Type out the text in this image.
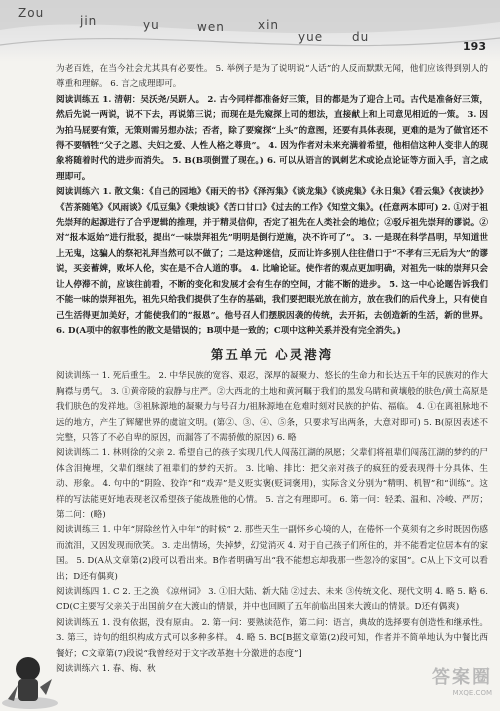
Zou
jin	yu	wen	xin
yue du
193

为老百姓，在当今社会尤其具有必要性。 5. 举例子是为了说明说“人话”的人反而默默无闻，他们应该得到别人的尊重和理解。 6. 言之成理即可。

阅读训练五 1. 清朝：吴沃尧/吴趼人。 2. 古今同样都准备好三策，目的都是为了迎合上司。古代是准备好三策，然后先说一两说，说不下去，再说第三说；而现在是先窥探上司的想法，直接献上和上司意见相近的一策。 3. 因为拍马屁要有策，无策则需另想办法；否者，除了要窥探“上头”的意图，还要有具体表现，更难的是为了做官还不得不要牺牲“父子之恩、夫妇之爱、人性人格之尊贵”。 4. 因为作者对未来充满着希望，他相信这种人变非人的现象将随着时代的进步而消失。 5. B(B项倒置了现在。) 6. 可以从语言的讽刺艺术或论点论证等方面入手，言之成理即可。

阅读训练六 1. 散文集：《自己的园地》《雨天的书》《泽泻集》《谈龙集》《谈虎集》《永日集》《看云集》《夜读抄》《苦茶随笔》《风雨谈》《瓜豆集》《秉烛谈》《苦口甘口》《过去的工作》《知堂文集》。(任意两本即可) 2. ①对于祖先崇拜的起源进行了合乎逻辑的推理，并于精灵信仰，否定了祖先在人类社会的地位；②驳斥祖先崇拜的谬说。②对“报本返始”进行批驳，提出“一味崇拜祖先”明明是倒行逆施，决不许可了”。 3. 一是现在科学昌明，早知道世上无鬼，这骗人的祭祀礼拜当然可以不做了；二是这种迷信，反而让许多别人往往借口于“不孝有三无后为大”的谬说，买妾蓄婢，败坏人伦，实在是不合人道的事。 4. 比喻论证。使作者的观点更加明确，对祖先一味的崇拜只会让人停滞不前，应该往前看，不断的变化和发展才会有生存的空间，才能不断的进步。 5. 这一中心论题告诉我们不能一味的崇拜祖先，祖先只给我们提供了生存的基础，我们要把眼光放在前方，放在我们的后代身上，只有使自己生活得更加美好，才能使我们的“报恩”。他号召人们摆脱因袭的传统，去开拓，去创造新的生活，新的世界。 6. D(A项中的叙事性的散文是错误的；B项中是一致的；C项中这种关系并没有完全消失。)

第五单元 心灵港湾

阅读训练一 1. 死后重生。 2. 中华民族的宽容、艰忍，深厚的凝聚力、悠长的生命力和长达五千年的民族对的作大胸襟与勇气。 3. ①黄帝陵的寂静与庄严。②大西北的土地和黄河瞩于我们的黑发乌睛和黄壤般的肤色/黄土高原是我们肤色的发祥地。③祖脉源地的凝聚力与号召力/祖脉源地在危难时刻对民族的护佑、福临。 4. ①在离祖脉地不远的地方，产生了辉耀世界的虞谊文明。(第②、③、④、⑤条，只要求写出两条，大意对即可) 5. B(原因表述不完整，只答了不必自卑的原因，而漏答了不需骄傲的原因) 6. 略

阅读训练二 1. 林则徐的父亲 2. 希望自己的孩子实现几代人闯荡江湖的夙愿；父辈们将祖辈们闯荡江湖的梦约的尸体含泪掩埋，父辈们继续了祖辈们的梦约天折。 3. 比喻、排比：把父亲对孩子的疯狂的爱表现得十分具体、生动、形象。 4. 句中的“阴险、狡诈”和“戏弄”是义贬实褒(贬词褒用)，实际含义分别为“精明、机智”和“训练”。这样的写法能更好地表现老汉希望孩子能战胜他的心情。 5. 言之有理即可。 6. 第一问：轻柔、温和、冷峻、严厉；第二问：(略)

阅读训练三 1. 中年“屏除丝竹入中年”的时候” 2. 那些天生一副怀乡心境的人，在倦怀一个莫须有之乡时既因伤感而流泪，又因发现而欣笑。 3. 走出情场，失掉梦，幻觉消灭 4. 对于自己孩子们所住的，并不能看定位居本有的家国。 5. D(A从文章第(2)段可以看出来。B作者明确写出“我不能想忘却我那一些忽冷的家国”。C从上下文可以看出；D还有偶爽)

阅读训练四 1. C 2. 王之涣 《凉州词》 3. ①旧大陆、新大陆 ②过去、未来 ③传统文化、现代文明 4. 略 5. 略 6. CD(C主要写父亲关于出国前夕在大渡山的情景，并中也回顾了五年前临出国来大渡山的情景。D还有偶爽)

阅读训练五 1. 没有依据，没有原由。 2. 第一问：要熟读范作，第二问：语言，典故的选择要有创造性和继承性。 3. 第三，诗句的组织构成方式可以多种多样。 4. 略 5. BC[B据文章第(2)段可知，作者并不简单地认为中餐比西餐好；C文章第(7)段说“我曾经对于文字改革抱十分激进的态度”]

阅读训练六 1. 春、梅、秋	答案圈
MXQE.COM
